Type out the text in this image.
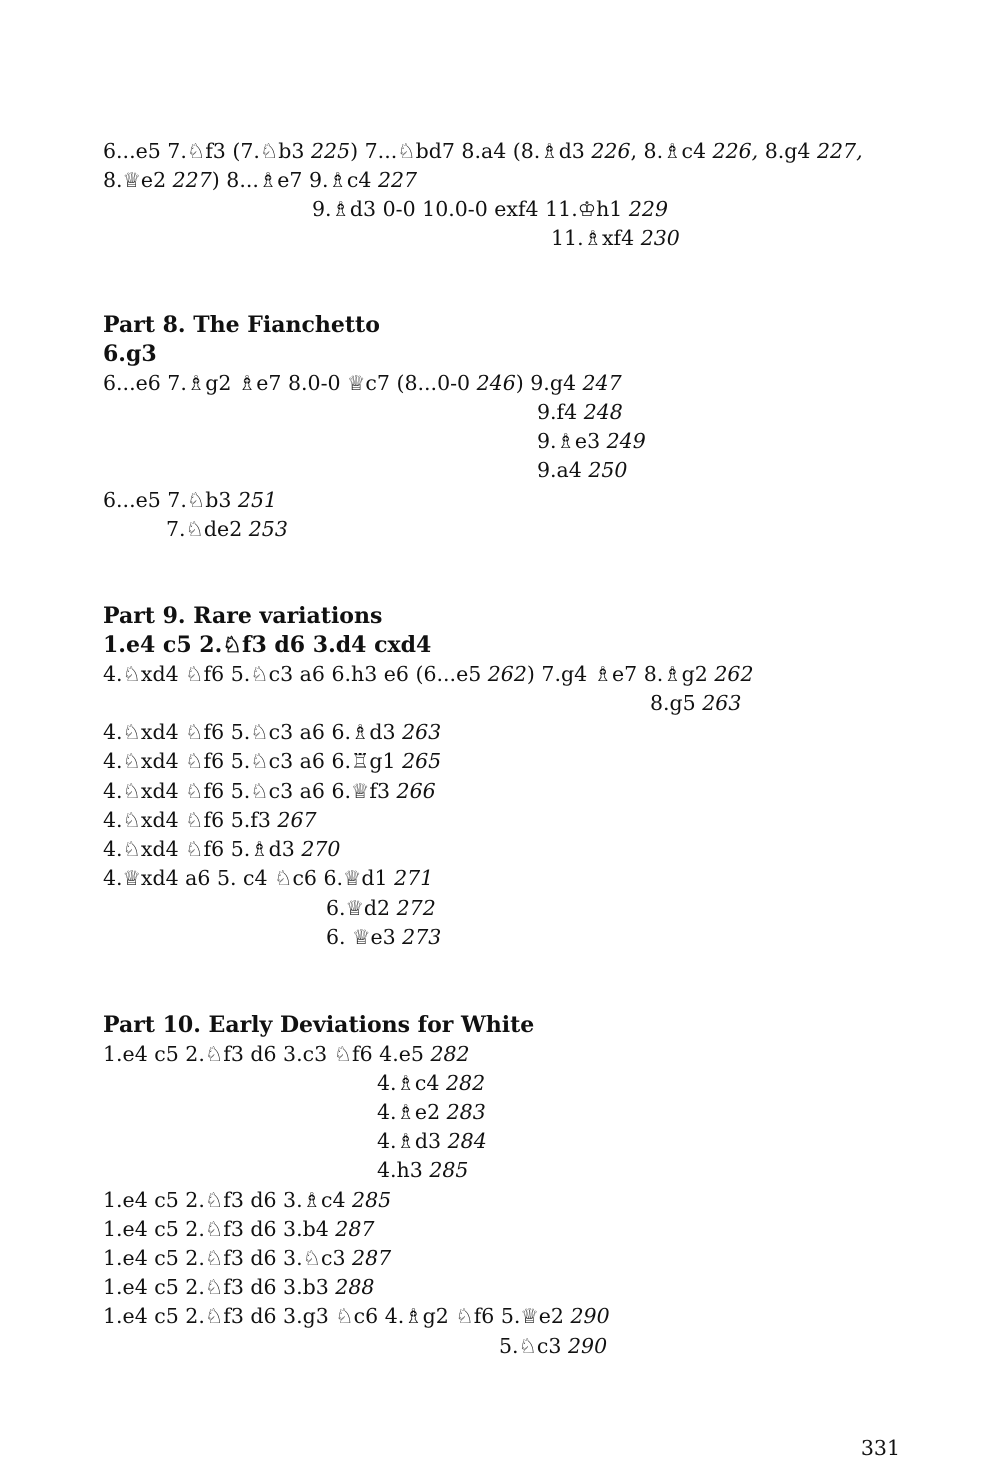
6...e5 7.♘f3 (7.♘b3 225) 7...♘bd7 8.a4 (8.♗d3 226, 8.♗c4 226, 8.g4 227,
8.♕e2 227) 8...♗e7 9.♗c4 227
9.♗d3 0-0 10.0-0 exf4 11.♔h1 229
11.♗xf4 230
Part 8. The Fianchetto
6.g3
6...e6 7.♗g2 ♗e7 8.0-0 ♕c7 (8...0-0 246) 9.g4 247
9.f4 248
9.♗e3 249
9.a4 250
6...e5 7.♘b3 251
7.♘de2 253
Part 9. Rare variations
1.e4 c5 2.♘f3 d6 3.d4 cxd4
4.♘xd4 ♘f6 5.♘c3 a6 6.h3 e6 (6...e5 262) 7.g4 ♗e7 8.♗g2 262
8.g5 263
4.♘xd4 ♘f6 5.♘c3 a6 6.♗d3 263
4.♘xd4 ♘f6 5.♘c3 a6 6.♖g1 265
4.♘xd4 ♘f6 5.♘c3 a6 6.♕f3 266
4.♘xd4 ♘f6 5.f3 267
4.♘xd4 ♘f6 5.♗d3 270
4.♕xd4 a6 5. c4 ♘c6 6.♕d1 271
6.♕d2 272
6. ♕e3 273
Part 10. Early Deviations for White
1.e4 c5 2.♘f3 d6 3.c3 ♘f6 4.e5 282
4.♗c4 282
4.♗e2 283
4.♗d3 284
4.h3 285
1.e4 c5 2.♘f3 d6 3.♗c4 285
1.e4 c5 2.♘f3 d6 3.b4 287
1.e4 c5 2.♘f3 d6 3.♘c3 287
1.e4 c5 2.♘f3 d6 3.b3 288
1.e4 c5 2.♘f3 d6 3.g3 ♘c6 4.♗g2 ♘f6 5.♕e2 290
5.♘c3 290
331
